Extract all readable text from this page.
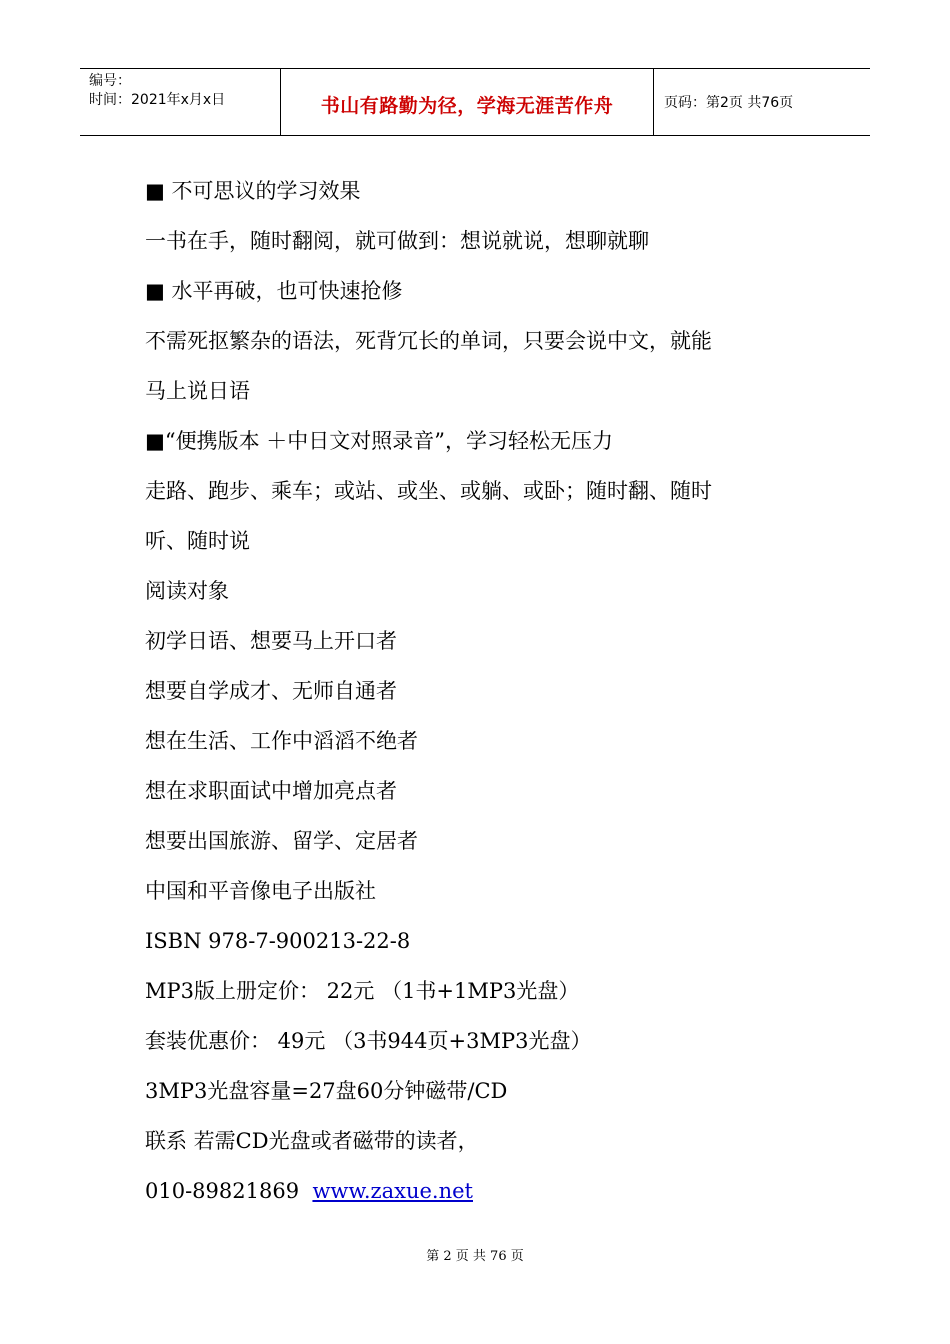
编号：
时间：2021年x月x日	书山有路勤为径，学海无涯苦作舟	页码：第2页 共76页

■ 不可思议的学习效果

一书在手，随时翻阅，就可做到：想说就说，想聊就聊

■ 水平再破，也可快速抢修

不需死抠繁杂的语法，死背冗长的单词，只要会说中文，就能

马上说日语

■“便携版本 ＋中日文对照录音”，学习轻松无压力

走路、跑步、乘车；或站、或坐、或躺、或卧；随时翻、随时

听、随时说

阅读对象

初学日语、想要马上开口者

想要自学成才、无师自通者

想在生活、工作中滔滔不绝者

想在求职面试中增加亮点者

想要出国旅游、留学、定居者

中国和平音像电子出版社

ISBN 978-7-900213-22-8

MP3版上册定价： 22元 （1书+1MP3光盘）

套装优惠价： 49元 （3书944页+3MP3光盘）

3MP3光盘容量=27盘60分钟磁带/CD

联系 若需CD光盘或者磁带的读者，

010-89821869 www.zaxue.net

第 2 页 共 76 页
